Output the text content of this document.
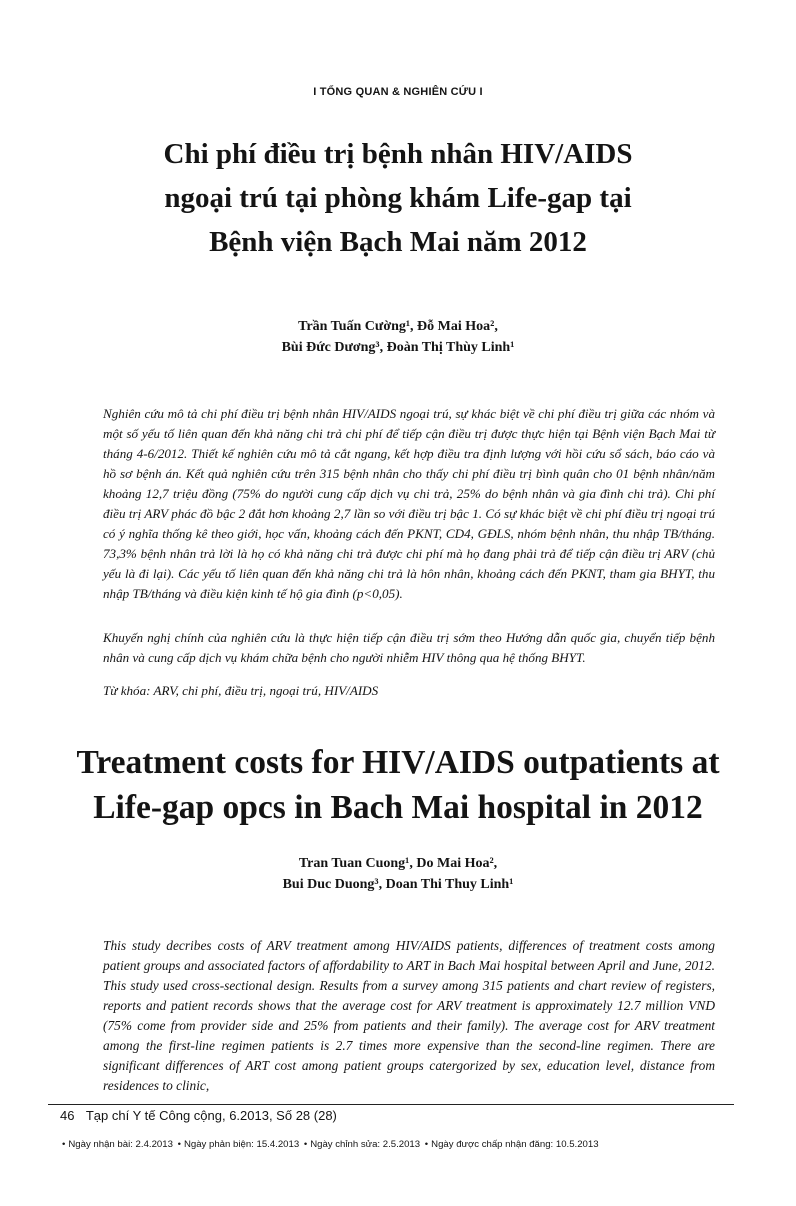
I TỔNG QUAN & NGHIÊN CỨU I
Chi phí điều trị bệnh nhân HIV/AIDS
ngoại trú tại phòng khám Life-gap tại
Bệnh viện Bạch Mai năm 2012
Trần Tuấn Cường¹, Đỗ Mai Hoa²,
Bùi Đức Dương³, Đoàn Thị Thùy Linh¹
Nghiên cứu mô tả chi phí điều trị bệnh nhân HIV/AIDS ngoại trú, sự khác biệt về chi phí điều trị giữa các nhóm và một số yếu tố liên quan đến khả năng chi trả chi phí để tiếp cận điều trị được thực hiện tại Bệnh viện Bạch Mai từ tháng 4-6/2012. Thiết kế nghiên cứu mô tả cắt ngang, kết hợp điều tra định lượng với hồi cứu sổ sách, báo cáo và hồ sơ bệnh án. Kết quả nghiên cứu trên 315 bệnh nhân cho thấy chi phí điều trị bình quân cho 01 bệnh nhân/năm khoảng 12,7 triệu đồng (75% do người cung cấp dịch vụ chi trả, 25% do bệnh nhân và gia đình chi trả). Chi phí điều trị ARV phác đồ bậc 2 đắt hơn khoảng 2,7 lần so với điều trị bậc 1. Có sự khác biệt về chi phí điều trị ngoại trú có ý nghĩa thống kê theo giới, học vấn, khoảng cách đến PKNT, CD4, GĐLS, nhóm bệnh nhân, thu nhập TB/tháng. 73,3% bệnh nhân trả lời là họ có khả năng chi trả được chi phí mà họ đang phải trả để tiếp cận điều trị ARV (chủ yếu là đi lại). Các yếu tố liên quan đến khả năng chi trả là hôn nhân, khoảng cách đến PKNT, tham gia BHYT, thu nhập TB/tháng và điều kiện kinh tế hộ gia đình (p<0,05).
Khuyến nghị chính của nghiên cứu là thực hiện tiếp cận điều trị sớm theo Hướng dẫn quốc gia, chuyển tiếp bệnh nhân và cung cấp dịch vụ khám chữa bệnh cho người nhiễm HIV thông qua hệ thống BHYT.
Từ khóa: ARV, chi phí, điều trị, ngoại trú, HIV/AIDS
Treatment costs for HIV/AIDS outpatients at
Life-gap opcs in Bach Mai hospital in 2012
Tran Tuan Cuong¹, Do Mai Hoa²,
Bui Duc Duong³, Doan Thi Thuy Linh¹
This study decribes costs of ARV treatment among HIV/AIDS patients, differences of treatment costs among patient groups and associated factors of affordability to ART in Bach Mai hospital between April and June, 2012. This study used cross-sectional design. Results from a survey among 315 patients and chart review of registers, reports and patient records shows that the average cost for ARV treatment is approximately 12.7 million VND (75% come from provider side and 25% from patients and their family). The average cost for ARV treatment among the first-line regimen patients is 2.7 times more expensive than the second-line regimen. There are significant differences of ART cost among patient groups catergorized by sex, education level, distance from residences to clinic,
46 Tạp chí Y tế Công cộng, 6.2013, Số 28 (28)
• Ngày nhận bài: 2.4.2013 • Ngày phản biện: 15.4.2013 • Ngày chỉnh sửa: 2.5.2013 • Ngày được chấp nhận đăng: 10.5.2013
